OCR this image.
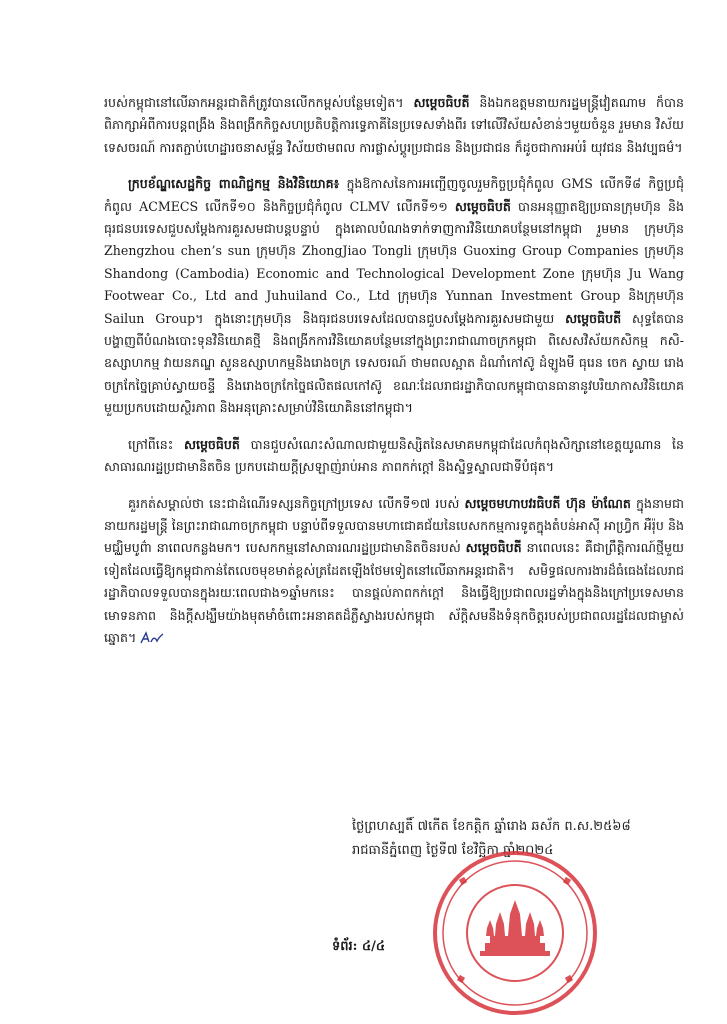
របស់កម្ពុជានៅលើឆាកអន្តរជាតិក៏ត្រូវបានលើកកម្ពស់បន្ថែមទៀត។ សម្តេចធិបតី និងឯកឧត្តមនាយករដ្ឋមន្ត្រីវៀតណាម ក៏បានពិភាក្សាអំពីការបន្តពង្រឹង និងពង្រីកកិច្ចសហប្រតិបត្តិការទ្វេភាគីនៃប្រទេសទាំងពីរ ទៅលើវិស័យសំខាន់ៗមួយចំនួន រួមមាន វិស័យទេសចរណ៍ ការតភ្ជាប់ហេដ្ឋារចនាសម្ព័ន្ធ វិស័យថាមពល ការផ្លាស់ប្តូរប្រជាជន និងប្រជាជន ក៏ដូចជាការអប់រំ យុវជន និងវប្បធម៌។

ក្របខ័ណ្ឌសេដ្ឋកិច្ច ពាណិជ្ជកម្ម និងវិនិយោគ៖ ក្នុងឱកាសនៃការអញ្ជើញចូលរួមកិច្ចប្រជុំកំពូល GMS លើកទី៨ កិច្ចប្រជុំកំពូល ACMECS លើកទី១០ និងកិច្ចប្រជុំកំពូល CLMV លើកទី១១ សម្តេចធិបតី បានអនុញ្ញាតឱ្យប្រធានក្រុមហ៊ុន និងធុរជនបរទេសជួបសម្តែងការគួរសមជាបន្តបន្ទាប់ ក្នុងគោលបំណងទាក់ទាញការវិនិយោគបន្ថែមនៅកម្ពុជា រួមមាន ក្រុមហ៊ុន Zhengzhou chen’s sun ក្រុមហ៊ុន ZhongJiao Tongli ក្រុមហ៊ុន Guoxing Group Companies ក្រុមហ៊ុន Shandong (Cambodia) Economic and Technological Development Zone ក្រុមហ៊ុន Ju Wang Footwear Co., Ltd and Juhuiland Co., Ltd ក្រុមហ៊ុន Yunnan Investment Group និងក្រុមហ៊ុន Sailun Group។ ក្នុងនោះក្រុមហ៊ុន និងធុរជនបរទេសដែលបានជួបសម្តែងការគួរសមជាមួយ សម្តេចធិបតី សុទ្ធតែបានបង្ហាញពីបំណងបោះទុនវិនិយោគថ្មី និងពង្រីកការវិនិយោគបន្ថែមនៅក្នុងព្រះរាជាណាចក្រកម្ពុជា ពិសេសវិស័យកសិកម្ម កសិ-ឧស្សាហកម្ម វាយនភណ្ឌ សួនឧស្សាហកម្មនិងរោងចក្រ ទេសចរណ៍ ថាមពលស្អាត ដំណាំកៅស៊ូ ដំឡូងមី ធុរេន ចេក ស្វាយ រោងចក្រកែច្នៃគ្រាប់ស្វាយចន្ទី និងរោងចក្រកែច្នៃផលិតផលកៅស៊ូ ខណៈដែលរាជរដ្ឋាភិបាលកម្ពុជាបានធានានូវបរិយាកាសវិនិយោគមួយប្រកបដោយស្ថិរភាព និងអនុគ្រោះសម្រាប់វិនិយោគិននៅកម្ពុជា។

ក្រៅពីនេះ សម្តេចធិបតី បានជួបសំណេះសំណាលជាមួយនិស្សិតនៃសមាគមកម្ពុជាដែលកំពុងសិក្សានៅខេត្តយូណាន នៃសាធារណរដ្ឋប្រជាមានិតចិន ប្រកបដោយក្តីស្រឡាញ់រាប់អាន ភាពកក់ក្តៅ និងស្និទ្ធស្នាលជាទីបំផុត។

គួរកត់សម្គាល់ថា នេះជាដំណើរទស្សនកិច្ចក្រៅប្រទេស លើកទី១៧ របស់ សម្តេចមហាបវរធិបតី ហ៊ុន ម៉ាណែត ក្នុងនាមជានាយករដ្ឋមន្ត្រី នៃព្រះរាជាណាចក្រកម្ពុជា បន្ទាប់ពីទទួលបានមហាជោគជ័យនៃបេសកកម្មការទូតក្នុងតំបន់អាស៊ី អាហ្វ្រិក អឺរ៉ុប និងមជ្ឈិមបូព៌ា នាពេលកន្លងមក។ បេសកកម្មនៅសាធារណរដ្ឋប្រជាមានិតចិនរបស់ សម្តេចធិបតី នាពេលនេះ គឺជាព្រឹត្តិការណ៍ថ្មីមួយទៀតដែលធ្វើឱ្យកម្ពុជាកាន់តែលេចមុខមាត់ខ្ពស់ត្រដែតឡើងថែមទៀតនៅលើឆាកអន្តរជាតិ។ សមិទ្ធផលការងារដ៏ធំធេងដែលរាជរដ្ឋាភិបាលទទួលបានក្នុងរយៈពេលជាង១ឆ្នាំមកនេះ បានផ្តល់ភាពកក់ក្តៅ និងធ្វើឱ្យប្រជាពលរដ្ឋទាំងក្នុងនិងក្រៅប្រទេសមានមោទនភាព និងក្តីសង្ឃឹមយ៉ាងមុតមាំចំពោះអនាគតដ៏ភ្លឺស្វាងរបស់កម្ពុជា ស័ក្តិសមនឹងទំនុកចិត្តរបស់ប្រជាពលរដ្ឋដែលជាម្ចាស់ឆ្នោត។

ថ្ងៃព្រហស្បតិ៍ ៧កើត ខែកត្តិក ឆ្នាំរោង ឆស័ក ព.ស.២៥៦៨
រាជធានីភ្នំពេញ ថ្ងៃទី៧ ខែវិច្ឆិកា ឆ្នាំ២០២៤
ទំព័រ: ៤/៤
